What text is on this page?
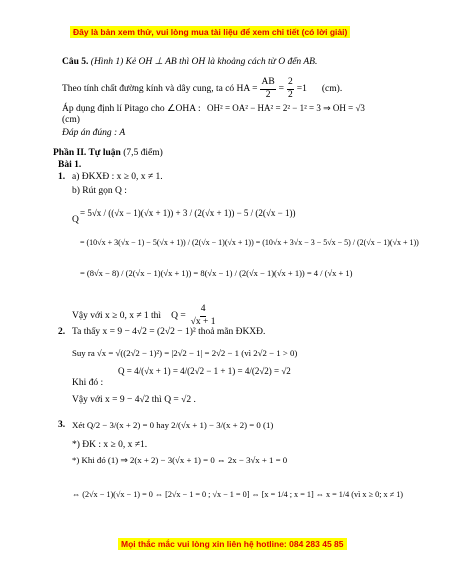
Đây là bản xem thử, vui lòng mua tài liệu để xem chi tiết (có lời giải)
Câu 5. (Hình 1) Kẻ OH ⊥ AB thì OH là khoảng cách từ O đến AB.
Theo tính chất đường kính và dây cung, ta có HA = $\frac{AB}{2} = \frac{2}{2} =1$ (cm).
Áp dụng định lí Pitago cho ∠OHA : OH² = OA² − HA² = 2² − 1² = 3 ⇒ OH = √3
(cm)
Đáp án đúng : A
Phần II. Tự luận (7,5 điểm)
Bài 1.
1. a) ĐKXĐ : x ≥ 0, x ≠ 1.
b) Rút gọn Q :
Q
= 5√x / ((√x − 1)(√x + 1)) + 3 / (2(√x + 1)) − 5 / (2(√x − 1))
= (10√x + 3(√x − 1) − 5(√x + 1)) / (2(√x − 1)(√x + 1)) = (10√x + 3√x − 3 − 5√x − 5) / (2(√x − 1)(√x + 1))
= (8√x − 8) / (2(√x − 1)(√x + 1)) = 8(√x − 1) / (2(√x − 1)(√x + 1)) = 4 / (√x + 1)
Vậy với x ≥ 0, x ≠ 1 thì $Q = \frac{4}{√x + 1}$
2. Ta thấy x = 9 − 4√2 = (2√2 − 1)² thoả mãn ĐKXĐ.
Suy ra √x = √((2√2 − 1)²) = |2√2 − 1| = 2√2 − 1 (vì 2√2 − 1 > 0)
Khi đó :
Q = 4/(√x + 1) = 4/(2√2 − 1 + 1) = 4/(2√2) = √2
Vậy với x = 9 − 4√2 thì Q = √2 .
3. Xét Q/2 − 3/(x + 2) = 0 hay 2/(√x + 1) − 3/(x + 2) = 0 (1)
*) ĐK : x ≥ 0, x ≠1.
*) Khi đó (1) ⇒ 2(x + 2) − 3(√x + 1) = 0 ⇔ 2x − 3√x + 1 = 0
⇔ (2√x − 1)(√x − 1) = 0 ⇔ [2√x − 1 = 0 ; √x − 1 = 0] ⇔ [x = 1/4 ; x = 1] ⇔ x = 1/4 (vì x ≥ 0; x ≠ 1)
Mọi thắc mắc vui lòng xin liên hệ hotline: 084 283 45 85
